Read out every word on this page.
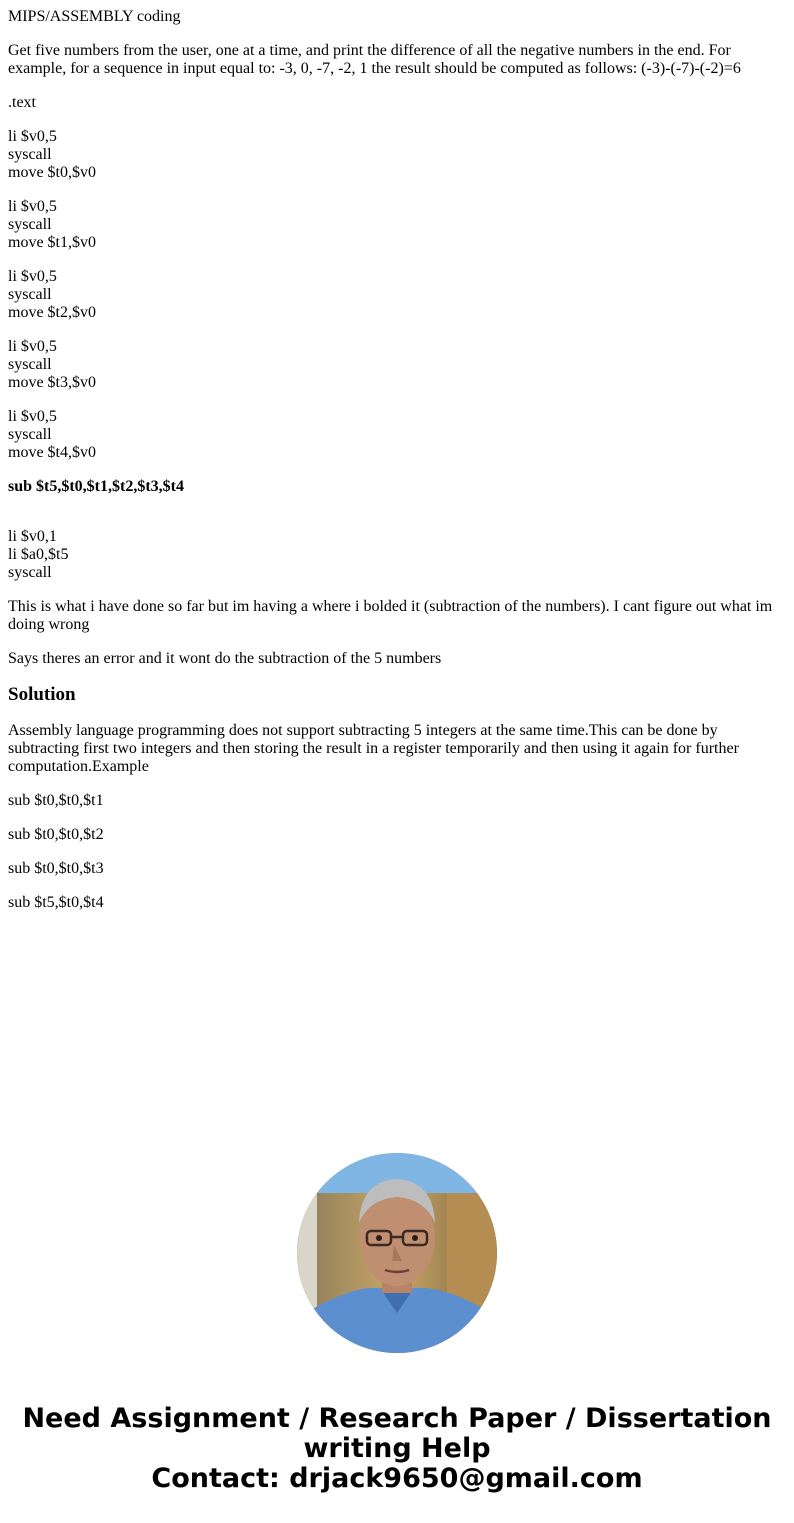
MIPS/ASSEMBLY coding

Get five numbers from the user, one at a time, and print the difference of all the negative numbers in the end. For example, for a sequence in input equal to: -3, 0, -7, -2, 1 the result should be computed as follows: (-3)-(-7)-(-2)=6

.text

li $v0,5
syscall
move $t0,$v0

li $v0,5
syscall
move $t1,$v0

li $v0,5
syscall
move $t2,$v0

li $v0,5
syscall
move $t3,$v0

li $v0,5
syscall
move $t4,$v0

sub $t5,$t0,$t1,$t2,$t3,$t4

li $v0,1
li $a0,$t5
syscall

This is what i have done so far but im having a where i bolded it (subtraction of the numbers). I cant figure out what im doing wrong

Says theres an error and it wont do the subtraction of the 5 numbers

Solution

Assembly language programming does not support subtracting 5 integers at the same time.This can be done by subtracting first two integers and then storing the result in a register temporarily and then using it again for further computation.Example

sub $t0,$t0,$t1

sub $t0,$t0,$t2

sub $t0,$t0,$t3

sub $t5,$t0,$t4

Need Assignment / Research Paper / Dissertation
writing Help
Contact: drjack9650@gmail.com
